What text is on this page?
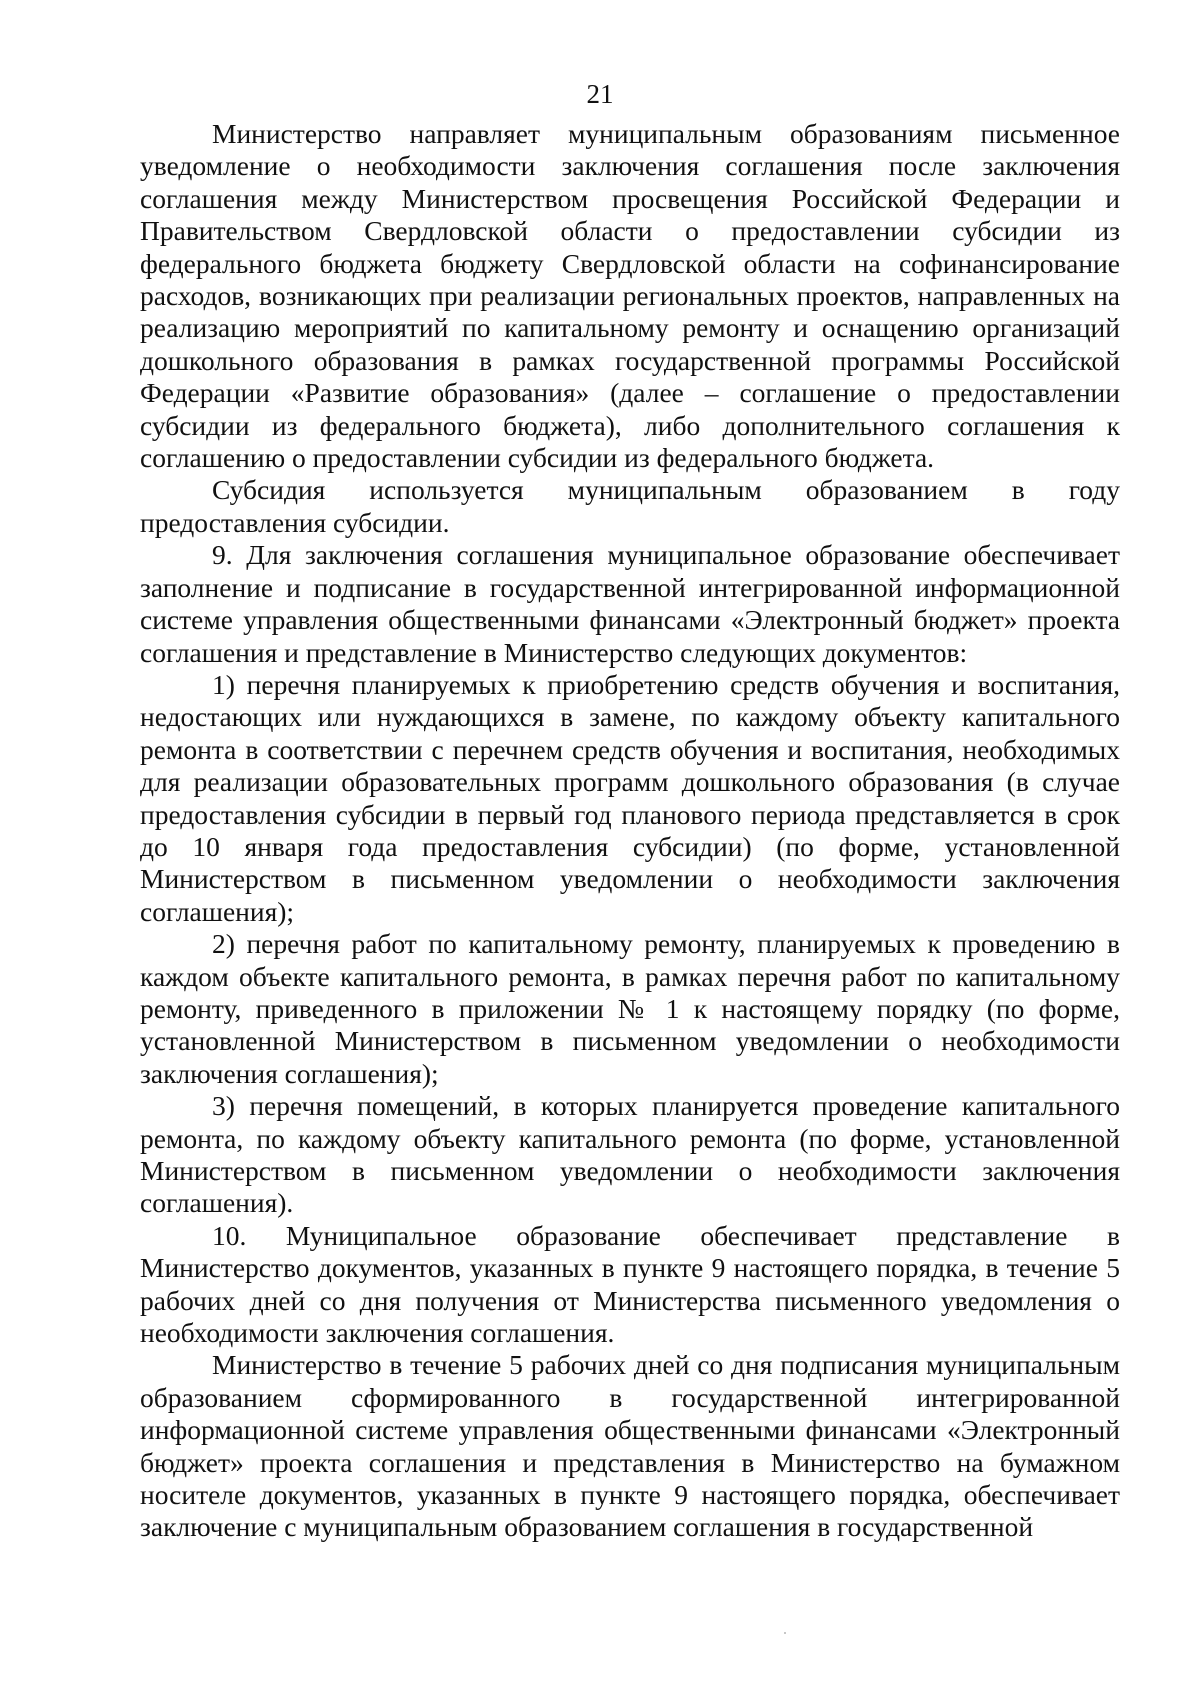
21

Министерство направляет муниципальным образованиям письменное уведомление о необходимости заключения соглашения после заключения соглашения между Министерством просвещения Российской Федерации и Правительством Свердловской области о предоставлении субсидии из федерального бюджета бюджету Свердловской области на софинансирование расходов, возникающих при реализации региональных проектов, направленных на реализацию мероприятий по капитальному ремонту и оснащению организаций дошкольного образования в рамках государственной программы Российской Федерации «Развитие образования» (далее – соглашение о предоставлении субсидии из федерального бюджета), либо дополнительного соглашения к соглашению о предоставлении субсидии из федерального бюджета.

Субсидия используется муниципальным образованием в году предоставления субсидии.

9. Для заключения соглашения муниципальное образование обеспечивает заполнение и подписание в государственной интегрированной информационной системе управления общественными финансами «Электронный бюджет» проекта соглашения и представление в Министерство следующих документов:

1) перечня планируемых к приобретению средств обучения и воспитания, недостающих или нуждающихся в замене, по каждому объекту капитального ремонта в соответствии с перечнем средств обучения и воспитания, необходимых для реализации образовательных программ дошкольного образования (в случае предоставления субсидии в первый год планового периода представляется в срок до 10 января года предоставления субсидии) (по форме, установленной Министерством в письменном уведомлении о необходимости заключения соглашения);

2) перечня работ по капитальному ремонту, планируемых к проведению в каждом объекте капитального ремонта, в рамках перечня работ по капитальному ремонту, приведенного в приложении № 1 к настоящему порядку (по форме, установленной Министерством в письменном уведомлении о необходимости заключения соглашения);

3) перечня помещений, в которых планируется проведение капитального ремонта, по каждому объекту капитального ремонта (по форме, установленной Министерством в письменном уведомлении о необходимости заключения соглашения).

10. Муниципальное образование обеспечивает представление в Министерство документов, указанных в пункте 9 настоящего порядка, в течение 5 рабочих дней со дня получения от Министерства письменного уведомления о необходимости заключения соглашения.

Министерство в течение 5 рабочих дней со дня подписания муниципальным образованием сформированного в государственной интегрированной информационной системе управления общественными финансами «Электронный бюджет» проекта соглашения и представления в Министерство на бумажном носителе документов, указанных в пункте 9 настоящего порядка, обеспечивает заключение с муниципальным образованием соглашения в государственной
